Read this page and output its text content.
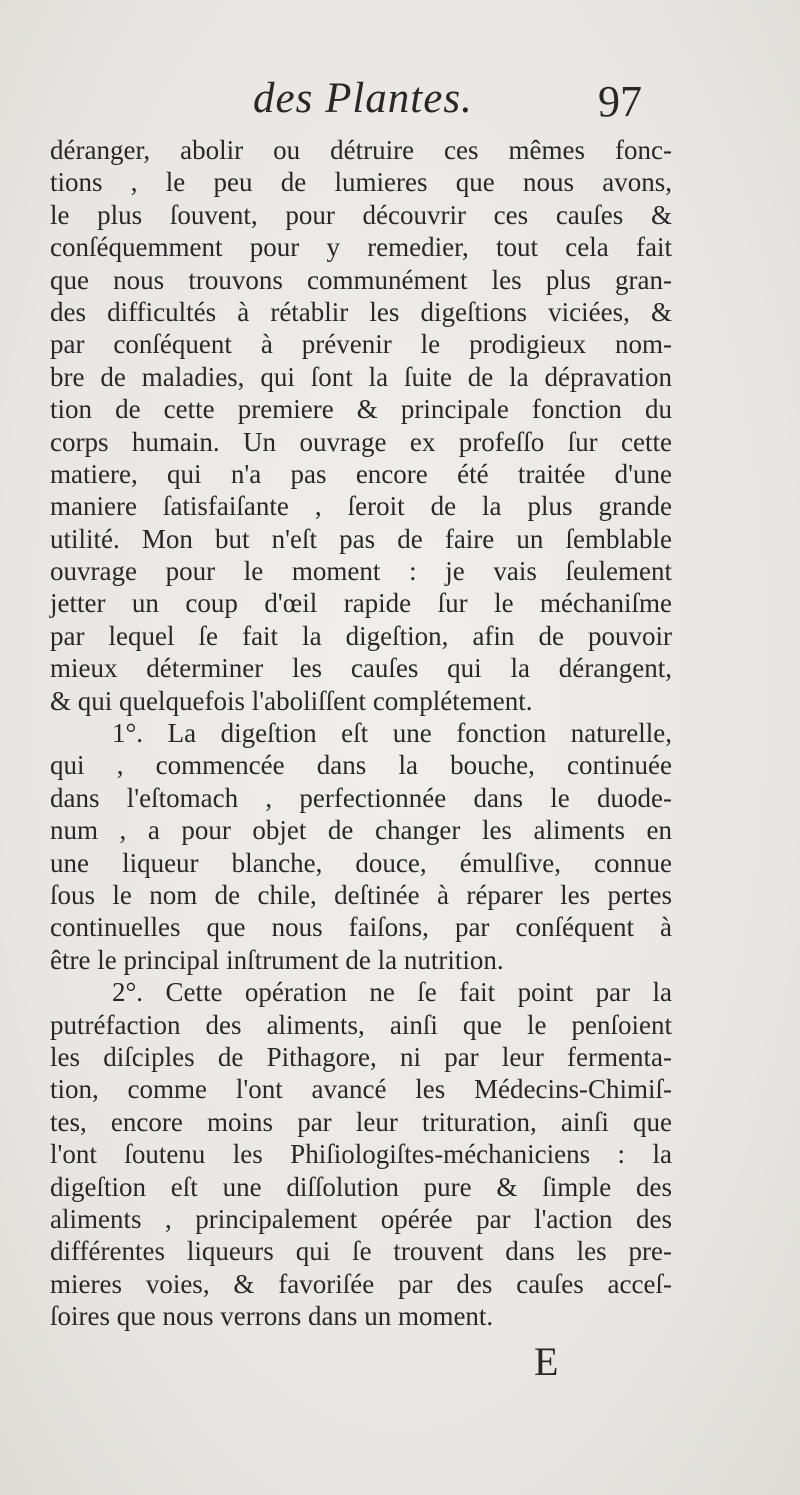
des Plantes.	97
déranger, abolir ou détruire ces mêmes fonc-
tions , le peu de lumieres que nous avons,
le plus ſouvent, pour découvrir ces cauſes &
conſéquemment pour y remedier, tout cela fait
que nous trouvons communément les plus gran-
des difficultés à rétablir les digeſtions viciées, &
par conſéquent à prévenir le prodigieux nom-
bre de maladies, qui ſont la ſuite de la dépravation
tion de cette premiere & principale fonction du
corps humain. Un ouvrage ex profeſſo ſur cette
matiere, qui n'a pas encore été traitée d'une
maniere ſatisfaiſante , ſeroit de la plus grande
utilité. Mon but n'eſt pas de faire un ſemblable
ouvrage pour le moment : je vais ſeulement
jetter un coup d'œil rapide ſur le méchaniſme
par lequel ſe fait la digeſtion, afin de pouvoir
mieux déterminer les cauſes qui la dérangent,
& qui quelquefois l'aboliſſent complétement.
1°. La digeſtion eſt une fonction naturelle,
qui , commencée dans la bouche, continuée
dans l'eſtomach , perfectionnée dans le duode-
num , a pour objet de changer les aliments en
une liqueur blanche, douce, émulſive, connue
ſous le nom de chile, deſtinée à réparer les pertes
continuelles que nous faiſons, par conſéquent à
être le principal inſtrument de la nutrition.
2°. Cette opération ne ſe fait point par la
putréfaction des aliments, ainſi que le penſoient
les diſciples de Pithagore, ni par leur fermenta-
tion, comme l'ont avancé les Médecins-Chimiſ-
tes, encore moins par leur trituration, ainſi que
l'ont ſoutenu les Phiſiologiſtes-méchaniciens : la
digeſtion eſt une diſſolution pure & ſimple des
aliments , principalement opérée par l'action des
différentes liqueurs qui ſe trouvent dans les pre-
mieres voies, & favoriſée par des cauſes acceſ-
ſoires que nous verrons dans un moment.
E
